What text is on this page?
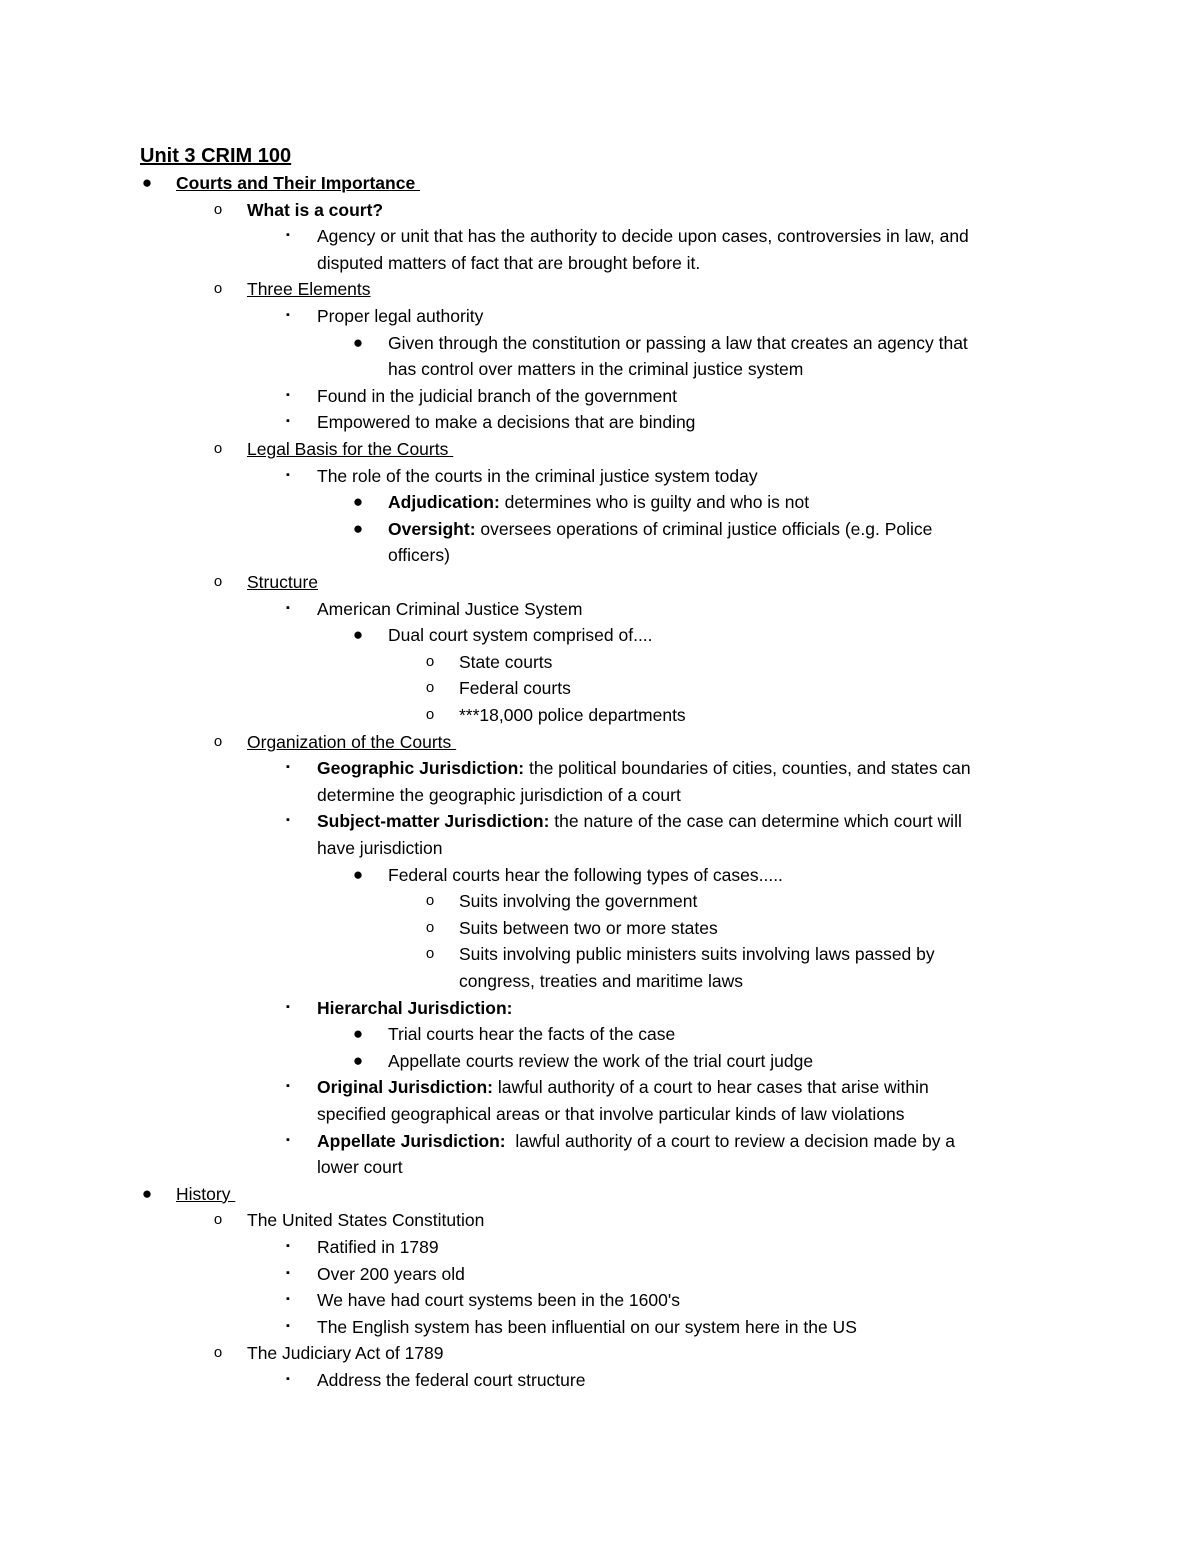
Unit 3 CRIM 100
● Courts and Their Importance
o	What is a court?
▪	Agency or unit that has the authority to decide upon cases, controversies in law, and
disputed matters of fact that are brought before it.
o	Three Elements
▪	Proper legal authority
● Given through the constitution or passing a law that creates an agency that
has control over matters in the criminal justice system
▪	Found in the judicial branch of the government
▪	Empowered to make a decisions that are binding
o	Legal Basis for the Courts
▪	The role of the courts in the criminal justice system today
● Adjudication: determines who is guilty and who is not
● Oversight: oversees operations of criminal justice officials (e.g. Police
officers)
o	Structure
▪	American Criminal Justice System
● Dual court system comprised of....
o	State courts
o	Federal courts
o	***18,000 police departments
o	Organization of the Courts
▪	Geographic Jurisdiction: the political boundaries of cities, counties, and states can
determine the geographic jurisdiction of a court
▪	Subject-matter Jurisdiction: the nature of the case can determine which court will
have jurisdiction
● Federal courts hear the following types of cases.....
o	Suits involving the government
o	Suits between two or more states
o	Suits involving public ministers suits involving laws passed by
congress, treaties and maritime laws
▪	Hierarchal Jurisdiction:
● Trial courts hear the facts of the case
● Appellate courts review the work of the trial court judge
▪	Original Jurisdiction: lawful authority of a court to hear cases that arise within
specified geographical areas or that involve particular kinds of law violations
▪	Appellate Jurisdiction:  lawful authority of a court to review a decision made by a
lower court
● History
o	The United States Constitution
▪	Ratified in 1789
▪	Over 200 years old
▪	We have had court systems been in the 1600's
▪	The English system has been influential on our system here in the US
o	The Judiciary Act of 1789
▪	Address the federal court structure
